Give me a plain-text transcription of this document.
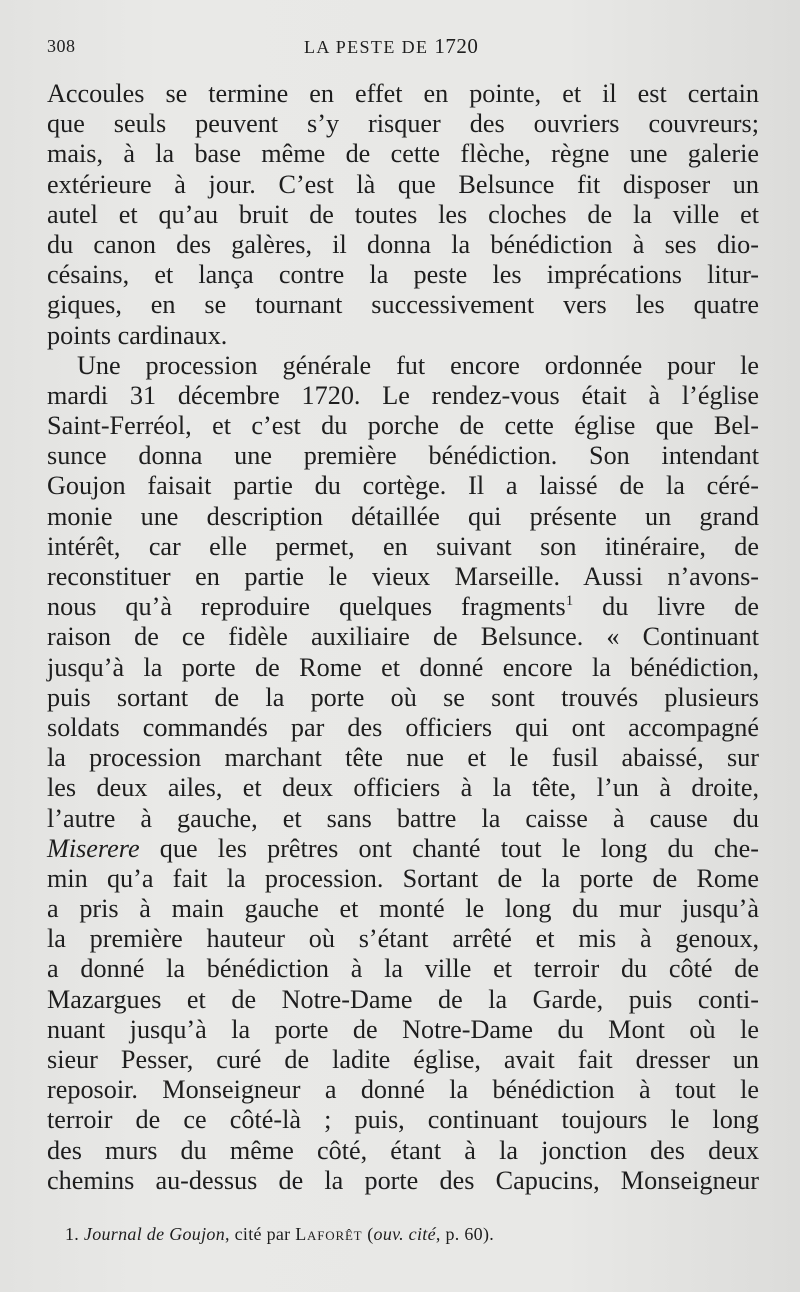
308	LA PESTE DE 1720
Accoules se termine en effet en pointe, et il est certain
que seuls peuvent s’y risquer des ouvriers couvreurs;
mais, à la base même de cette flèche, règne une galerie
extérieure à jour. C’est là que Belsunce fit disposer un
autel et qu’au bruit de toutes les cloches de la ville et
du canon des galères, il donna la bénédiction à ses dio-
césains, et lança contre la peste les imprécations litur-
giques, en se tournant successivement vers les quatre
points cardinaux.
Une procession générale fut encore ordonnée pour le
mardi 31 décembre 1720. Le rendez-vous était à l’église
Saint-Ferréol, et c’est du porche de cette église que Bel-
sunce donna une première bénédiction. Son intendant
Goujon faisait partie du cortège. Il a laissé de la céré-
monie une description détaillée qui présente un grand
intérêt, car elle permet, en suivant son itinéraire, de
reconstituer en partie le vieux Marseille. Aussi n’avons-
nous qu’à reproduire quelques fragments$^1$ du livre de
raison de ce fidèle auxiliaire de Belsunce. « Continuant
jusqu’à la porte de Rome et donné encore la bénédiction,
puis sortant de la porte où se sont trouvés plusieurs
soldats commandés par des officiers qui ont accompagné
la procession marchant tête nue et le fusil abaissé, sur
les deux ailes, et deux officiers à la tête, l’un à droite,
l’autre à gauche, et sans battre la caisse à cause du
Miserere que les prêtres ont chanté tout le long du che-
min qu’a fait la procession. Sortant de la porte de Rome
a pris à main gauche et monté le long du mur jusqu’à
la première hauteur où s’étant arrêté et mis à genoux,
a donné la bénédiction à la ville et terroir du côté de
Mazargues et de Notre-Dame de la Garde, puis conti-
nuant jusqu’à la porte de Notre-Dame du Mont où le
sieur Pesser, curé de ladite église, avait fait dresser un
reposoir. Monseigneur a donné la bénédiction à tout le
terroir de ce côté-là ; puis, continuant toujours le long
des murs du même côté, étant à la jonction des deux
chemins au-dessus de la porte des Capucins, Monseigneur
1. Journal de Goujon, cité par Laforêt (ouv. cité, p. 60).
